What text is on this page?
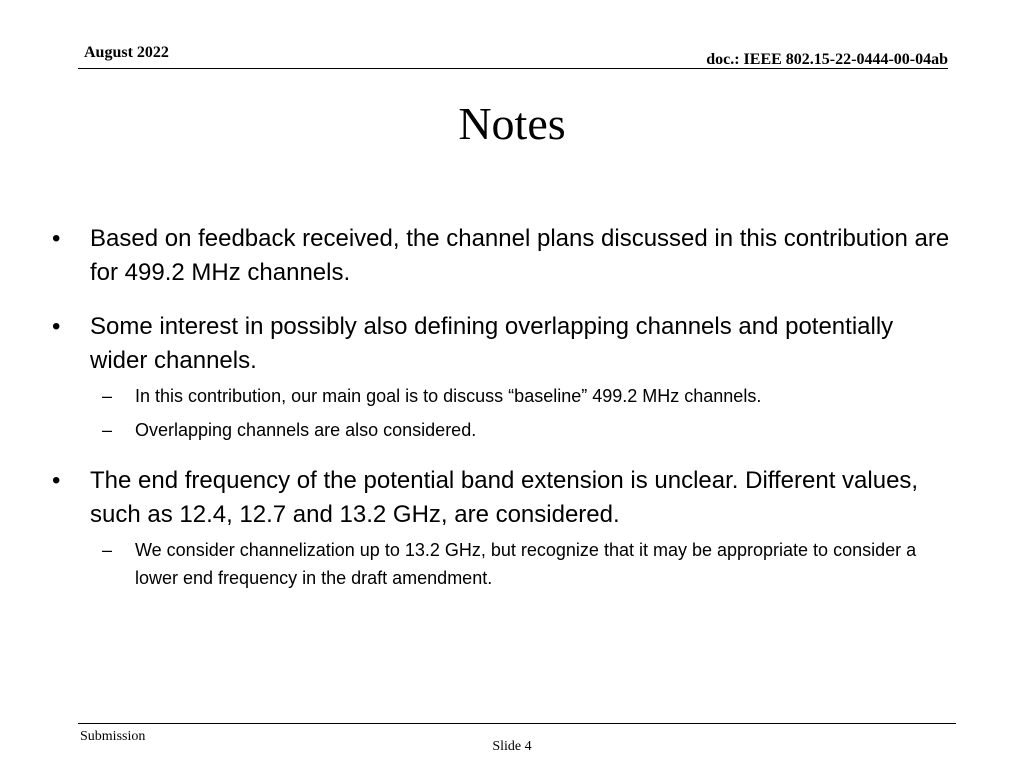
August 2022	doc.: IEEE 802.15-22-0444-00-04ab
Notes
• Based on feedback received, the channel plans discussed in this contribution are for 499.2 MHz channels.
• Some interest in possibly also defining overlapping channels and potentially wider channels.
– In this contribution, our main goal is to discuss “baseline” 499.2 MHz channels.
– Overlapping channels are also considered.
• The end frequency of the potential band extension is unclear. Different values, such as 12.4, 12.7 and 13.2 GHz, are considered.
– We consider channelization up to 13.2 GHz, but recognize that it may be appropriate to consider a lower end frequency in the draft amendment.
Submission
Slide 4
